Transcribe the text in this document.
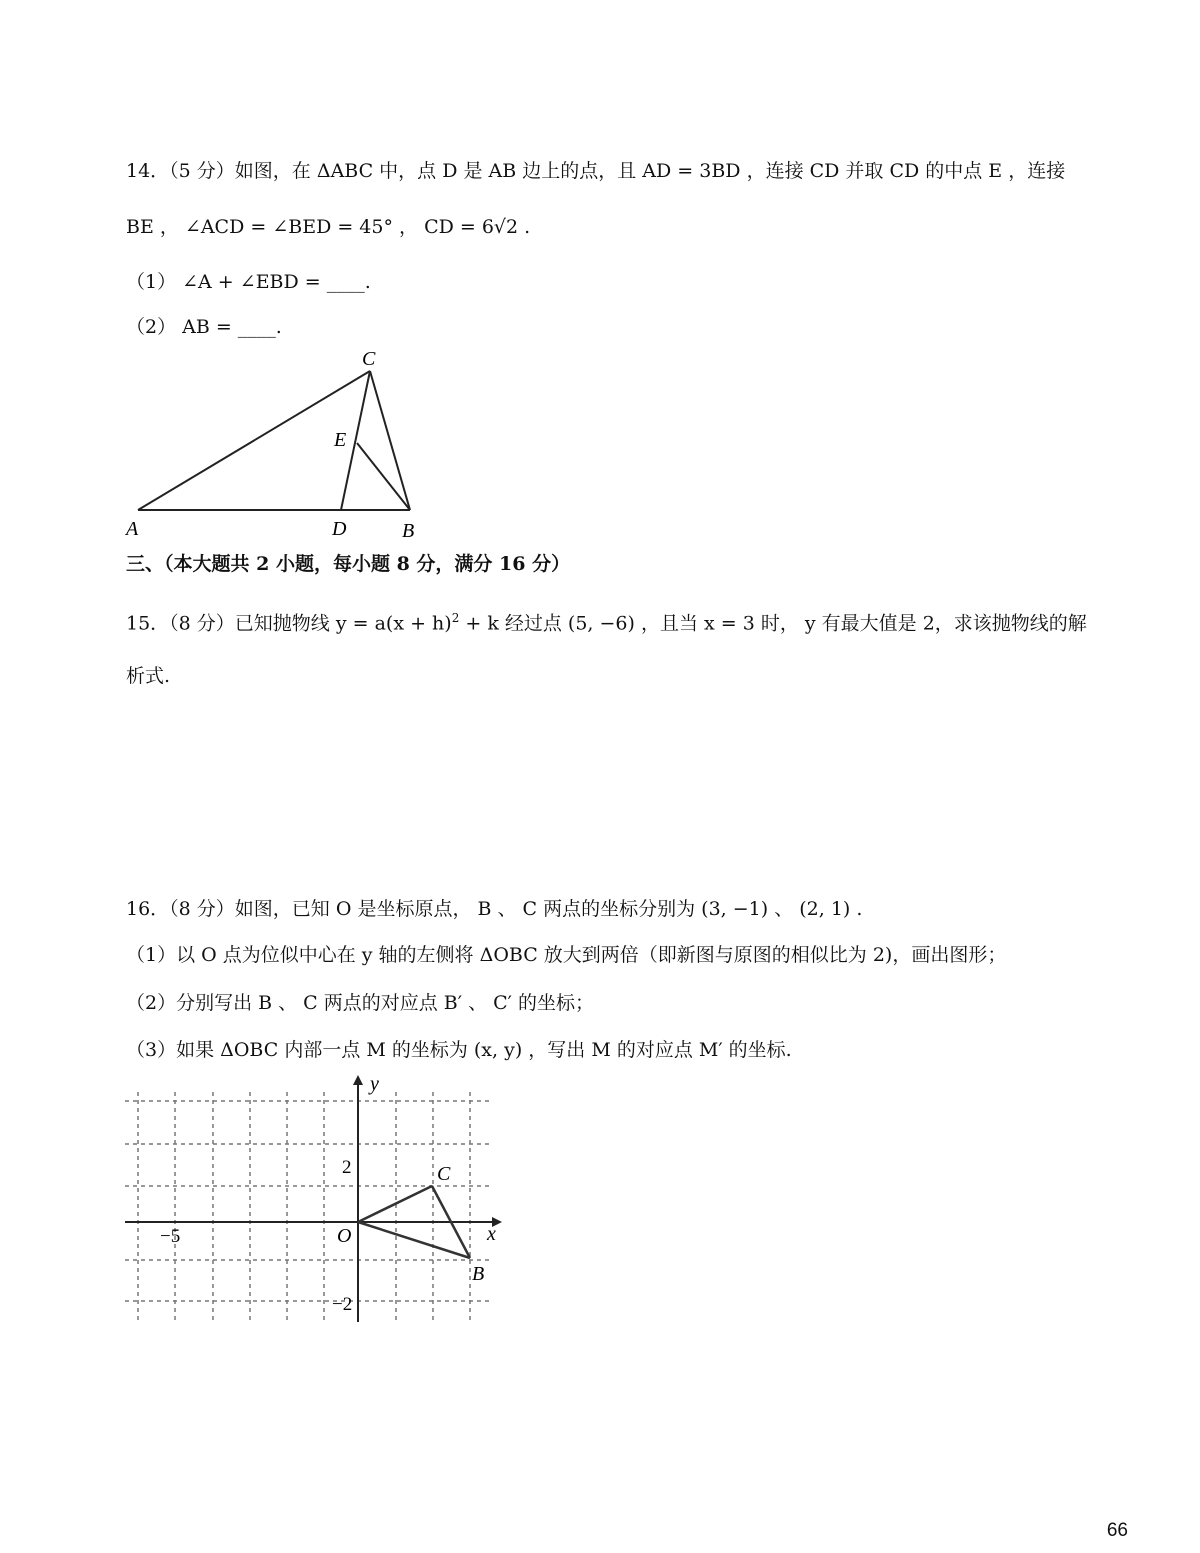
14．（5 分）如图，在 ΔABC 中，点 D 是 AB 边上的点，且 AD = 3BD ，连接 CD 并取 CD 的中点 E ，连接
BE ， ∠ACD = ∠BED = 45° ， CD = 6√2 .
（1） ∠A + ∠EBD = ____.
（2） AB = ____.
A	D	B
C
E
三、（本大题共 2 小题，每小题 8 分，满分 16 分）
15．（8 分）已知抛物线 $y = a(x + h)^2 + k$ 经过点 (5, −6) ，且当 x = 3 时， y 有最大值是 2，求该抛物线的解
析式.
16．（8 分）如图，已知 O 是坐标原点， B 、 C 两点的坐标分别为 (3, −1) 、 (2, 1) .
（1）以 O 点为位似中心在 y 轴的左侧将 ΔOBC 放大到两倍（即新图与原图的相似比为 2)，画出图形；
（2）分别写出 B 、 C 两点的对应点 B′ 、 C′ 的坐标；
（3）如果 ΔOBC 内部一点 M 的坐标为 (x, y) ，写出 M 的对应点 M′ 的坐标.
y
x
O
C
B
−5
2
−2
66
